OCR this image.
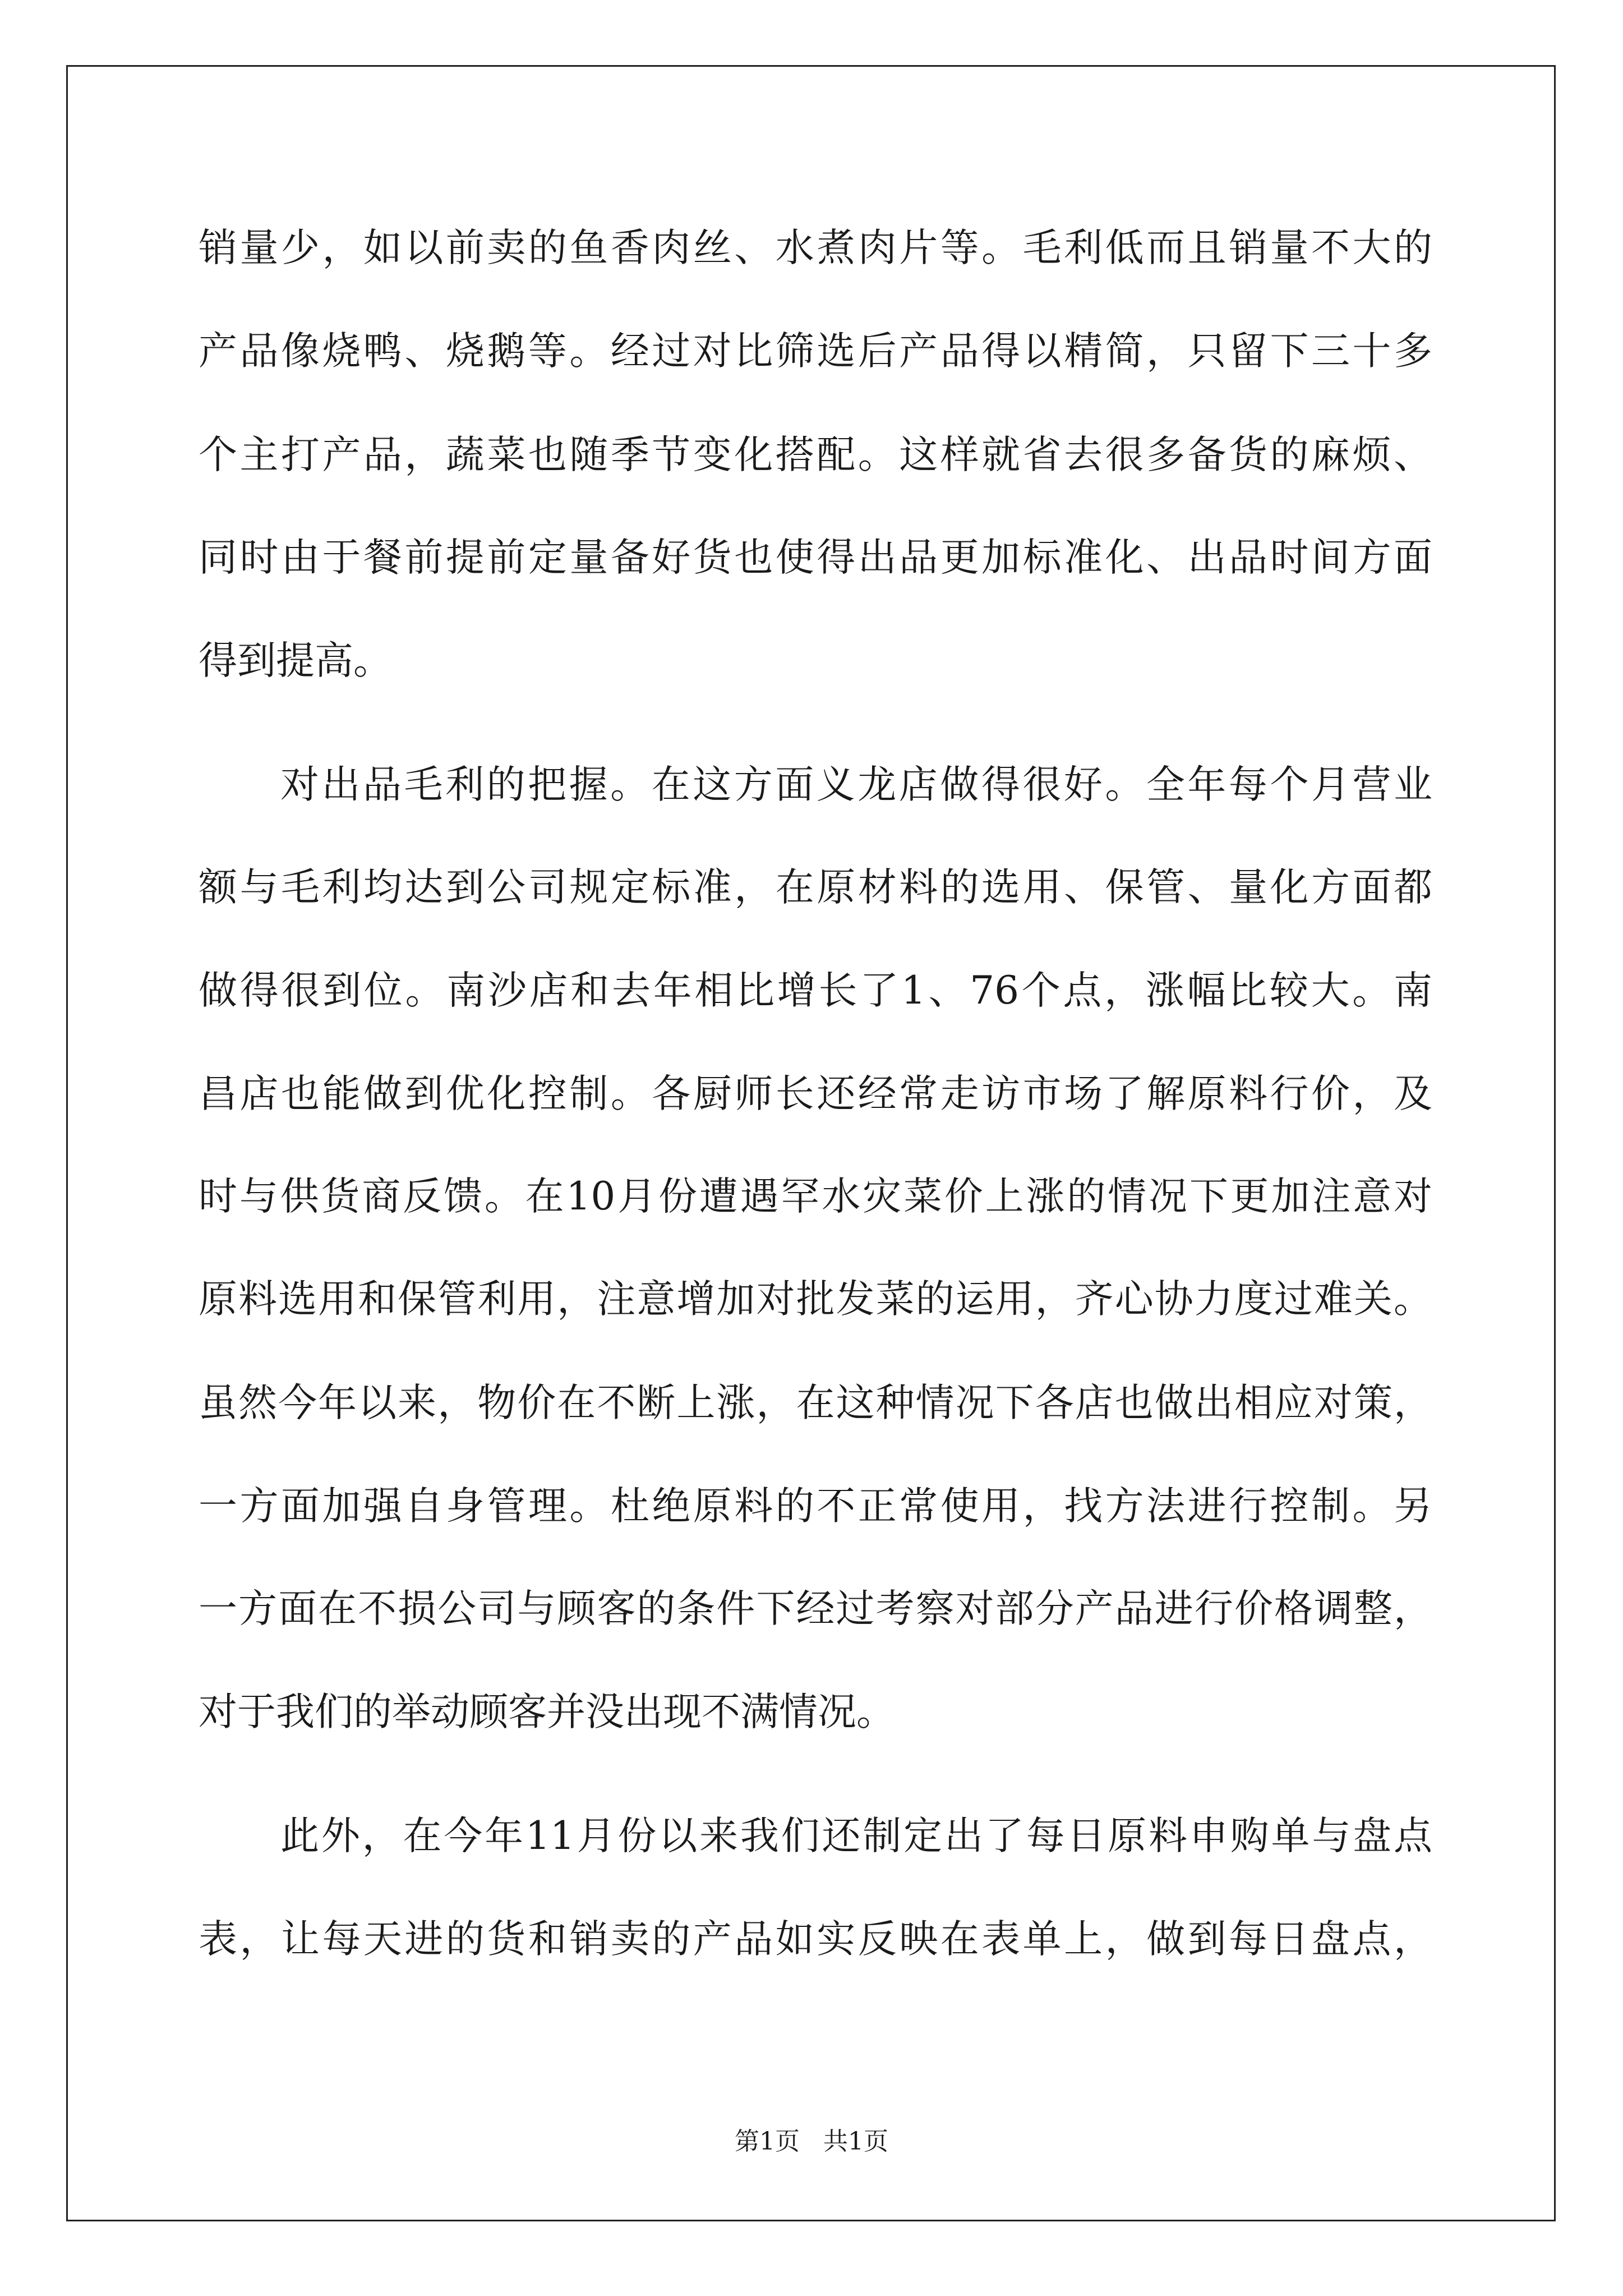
销量少，如以前卖的鱼香肉丝、水煮肉片等。毛利低而且销量不大的
产品像烧鸭、烧鹅等。经过对比筛选后产品得以精简，只留下三十多
个主打产品，蔬菜也随季节变化搭配。这样就省去很多备货的麻烦、
同时由于餐前提前定量备好货也使得出品更加标准化、出品时间方面
得到提高。
对出品毛利的把握。在这方面义龙店做得很好。全年每个月营业
额与毛利均达到公司规定标准，在原材料的选用、保管、量化方面都
做得很到位。南沙店和去年相比增长了1、76个点，涨幅比较大。南
昌店也能做到优化控制。各厨师长还经常走访市场了解原料行价，及
时与供货商反馈。在10月份遭遇罕水灾菜价上涨的情况下更加注意对
原料选用和保管利用，注意增加对批发菜的运用，齐心协力度过难关。
虽然今年以来，物价在不断上涨，在这种情况下各店也做出相应对策，
一方面加强自身管理。杜绝原料的不正常使用，找方法进行控制。另
一方面在不损公司与顾客的条件下经过考察对部分产品进行价格调整，
对于我们的举动顾客并没出现不满情况。
此外，在今年11月份以来我们还制定出了每日原料申购单与盘点
表，让每天进的货和销卖的产品如实反映在表单上，做到每日盘点，
第1页   共1页
